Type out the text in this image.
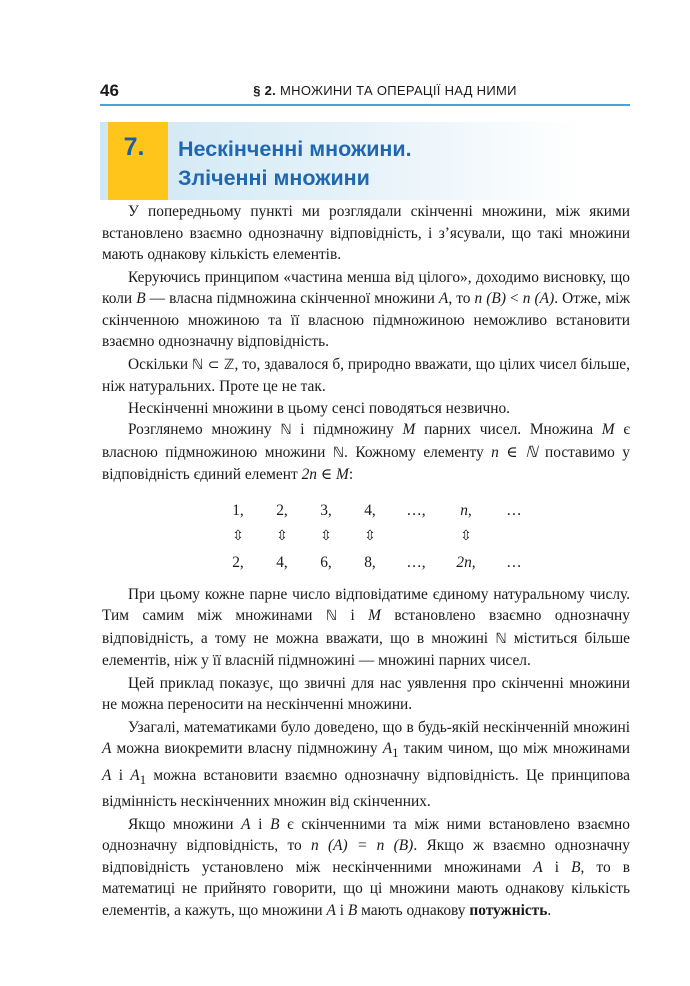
46	§ 2. МНОЖИНИ ТА ОПЕРАЦІЇ НАД НИМИ
7.	Нескінченні множини.
Зліченні множини

У попередньому пункті ми розглядали скінченні множини, між якими встановлено взаємно однозначну відповідність, і з’ясували, що такі множини мають однакову кількість елементів.

Керуючись принципом «частина менша від цілого», доходимо висновку, що коли B — власна підмножина скінченної множини A, то n (B) < n (A). Отже, між скінченною множиною та її власною підмножиною неможливо встановити взаємно однозначну відповідність.

Оскільки ℕ ⊂ ℤ, то, здавалося б, природно вважати, що цілих чисел більше, ніж натуральних. Проте це не так.

Нескінченні множини в цьому сенсі поводяться незвично.

Розглянемо множину ℕ і підмножину M парних чисел. Множина M є власною підмножиною множини ℕ. Кожному елементу n ∈ ℕ поставимо у відповідність єдиний елемент 2n ∈ M:

1,	2,	3,	4,	…,	n,	…
⇳	⇳	⇳	⇳		⇳	
2,	4,	6,	8,	…,	2n,	…

При цьому кожне парне число відповідатиме єдиному натуральному числу. Тим самим між множинами ℕ і M встановлено взаємно однозначну відповідність, а тому не можна вважати, що в множині ℕ міститься більше елементів, ніж у її власній підмножині — множині парних чисел.

Цей приклад показує, що звичні для нас уявлення про скінченні множини не можна переносити на нескінченні множини.

Узагалі, математиками було доведено, що в будь-якій нескінченній множині A можна виокремити власну підмножину $A_1$ таким чином, що між множинами A і $A_1$ можна встановити взаємно однозначну відповідність. Це принципова відмінність нескінченних множин від скінченних.

Якщо множини A і B є скінченними та між ними встановлено взаємно однозначну відповідність, то n (A) = n (B). Якщо ж взаємно однозначну відповідність установлено між нескінченними множинами A і B, то в математиці не прийнято говорити, що ці множини мають однакову кількість елементів, а кажуть, що множини A і B мають однакову потужність.
